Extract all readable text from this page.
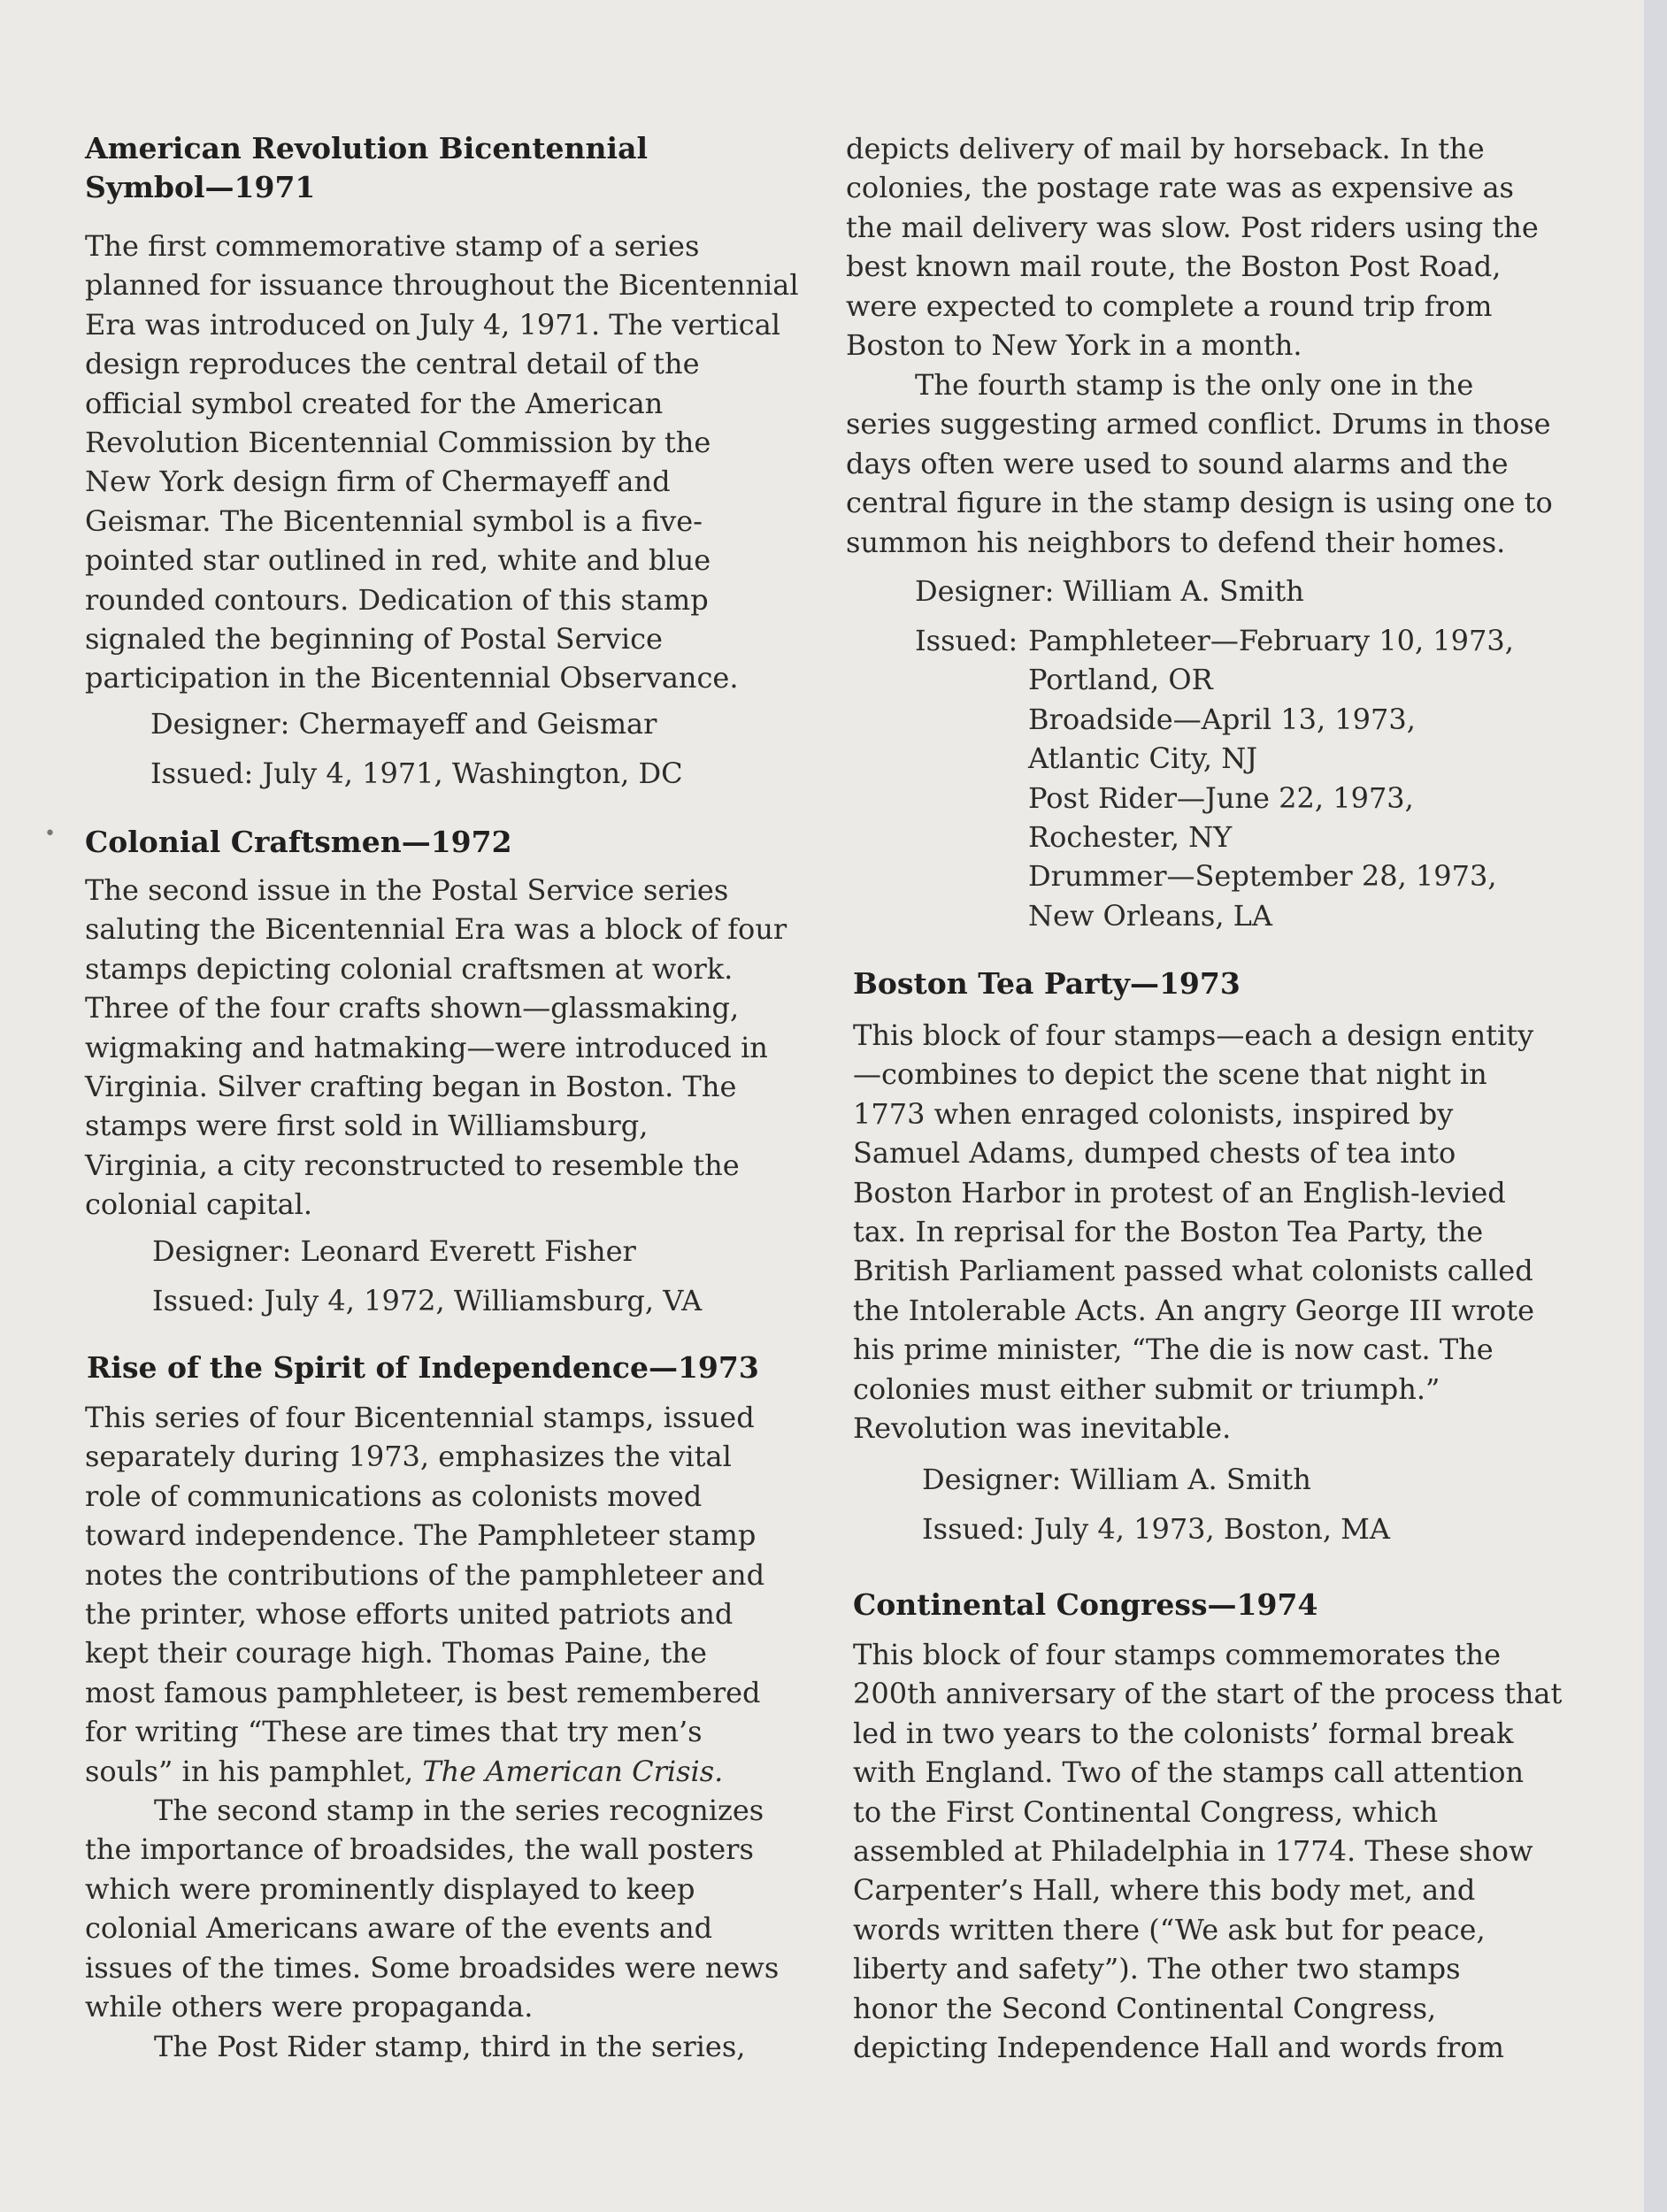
•
American Revolution Bicentennial
Symbol—1971
The first commemorative stamp of a series
planned for issuance throughout the Bicentennial
Era was introduced on July 4, 1971. The vertical
design reproduces the central detail of the
official symbol created for the American
Revolution Bicentennial Commission by the
New York design firm of Chermayeff and
Geismar. The Bicentennial symbol is a five-
pointed star outlined in red, white and blue
rounded contours. Dedication of this stamp
signaled the beginning of Postal Service
participation in the Bicentennial Observance.
Designer: Chermayeff and Geismar
Issued: July 4, 1971, Washington, DC
Colonial Craftsmen—1972
The second issue in the Postal Service series
saluting the Bicentennial Era was a block of four
stamps depicting colonial craftsmen at work.
Three of the four crafts shown—glassmaking,
wigmaking and hatmaking—were introduced in
Virginia. Silver crafting began in Boston. The
stamps were first sold in Williamsburg,
Virginia, a city reconstructed to resemble the
colonial capital.
Designer: Leonard Everett Fisher
Issued: July 4, 1972, Williamsburg, VA
Rise of the Spirit of Independence—1973
This series of four Bicentennial stamps, issued
separately during 1973, emphasizes the vital
role of communications as colonists moved
toward independence. The Pamphleteer stamp
notes the contributions of the pamphleteer and
the printer, whose efforts united patriots and
kept their courage high. Thomas Paine, the
most famous pamphleteer, is best remembered
for writing “These are times that try men’s
souls” in his pamphlet, The American Crisis.
The second stamp in the series recognizes
the importance of broadsides, the wall posters
which were prominently displayed to keep
colonial Americans aware of the events and
issues of the times. Some broadsides were news
while others were propaganda.
The Post Rider stamp, third in the series,
depicts delivery of mail by horseback. In the
colonies, the postage rate was as expensive as
the mail delivery was slow. Post riders using the
best known mail route, the Boston Post Road,
were expected to complete a round trip from
Boston to New York in a month.
The fourth stamp is the only one in the
series suggesting armed conflict. Drums in those
days often were used to sound alarms and the
central figure in the stamp design is using one to
summon his neighbors to defend their homes.
Designer: William A. Smith
Issued: Pamphleteer—February 10, 1973,
Portland, OR
Broadside—April 13, 1973,
Atlantic City, NJ
Post Rider—June 22, 1973,
Rochester, NY
Drummer—September 28, 1973,
New Orleans, LA
Boston Tea Party—1973
This block of four stamps—each a design entity
—combines to depict the scene that night in
1773 when enraged colonists, inspired by
Samuel Adams, dumped chests of tea into
Boston Harbor in protest of an English-levied
tax. In reprisal for the Boston Tea Party, the
British Parliament passed what colonists called
the Intolerable Acts. An angry George III wrote
his prime minister, “The die is now cast. The
colonies must either submit or triumph.”
Revolution was inevitable.
Designer: William A. Smith
Issued: July 4, 1973, Boston, MA
Continental Congress—1974
This block of four stamps commemorates the
200th anniversary of the start of the process that
led in two years to the colonists’ formal break
with England. Two of the stamps call attention
to the First Continental Congress, which
assembled at Philadelphia in 1774. These show
Carpenter’s Hall, where this body met, and
words written there (“We ask but for peace,
liberty and safety”). The other two stamps
honor the Second Continental Congress,
depicting Independence Hall and words from
